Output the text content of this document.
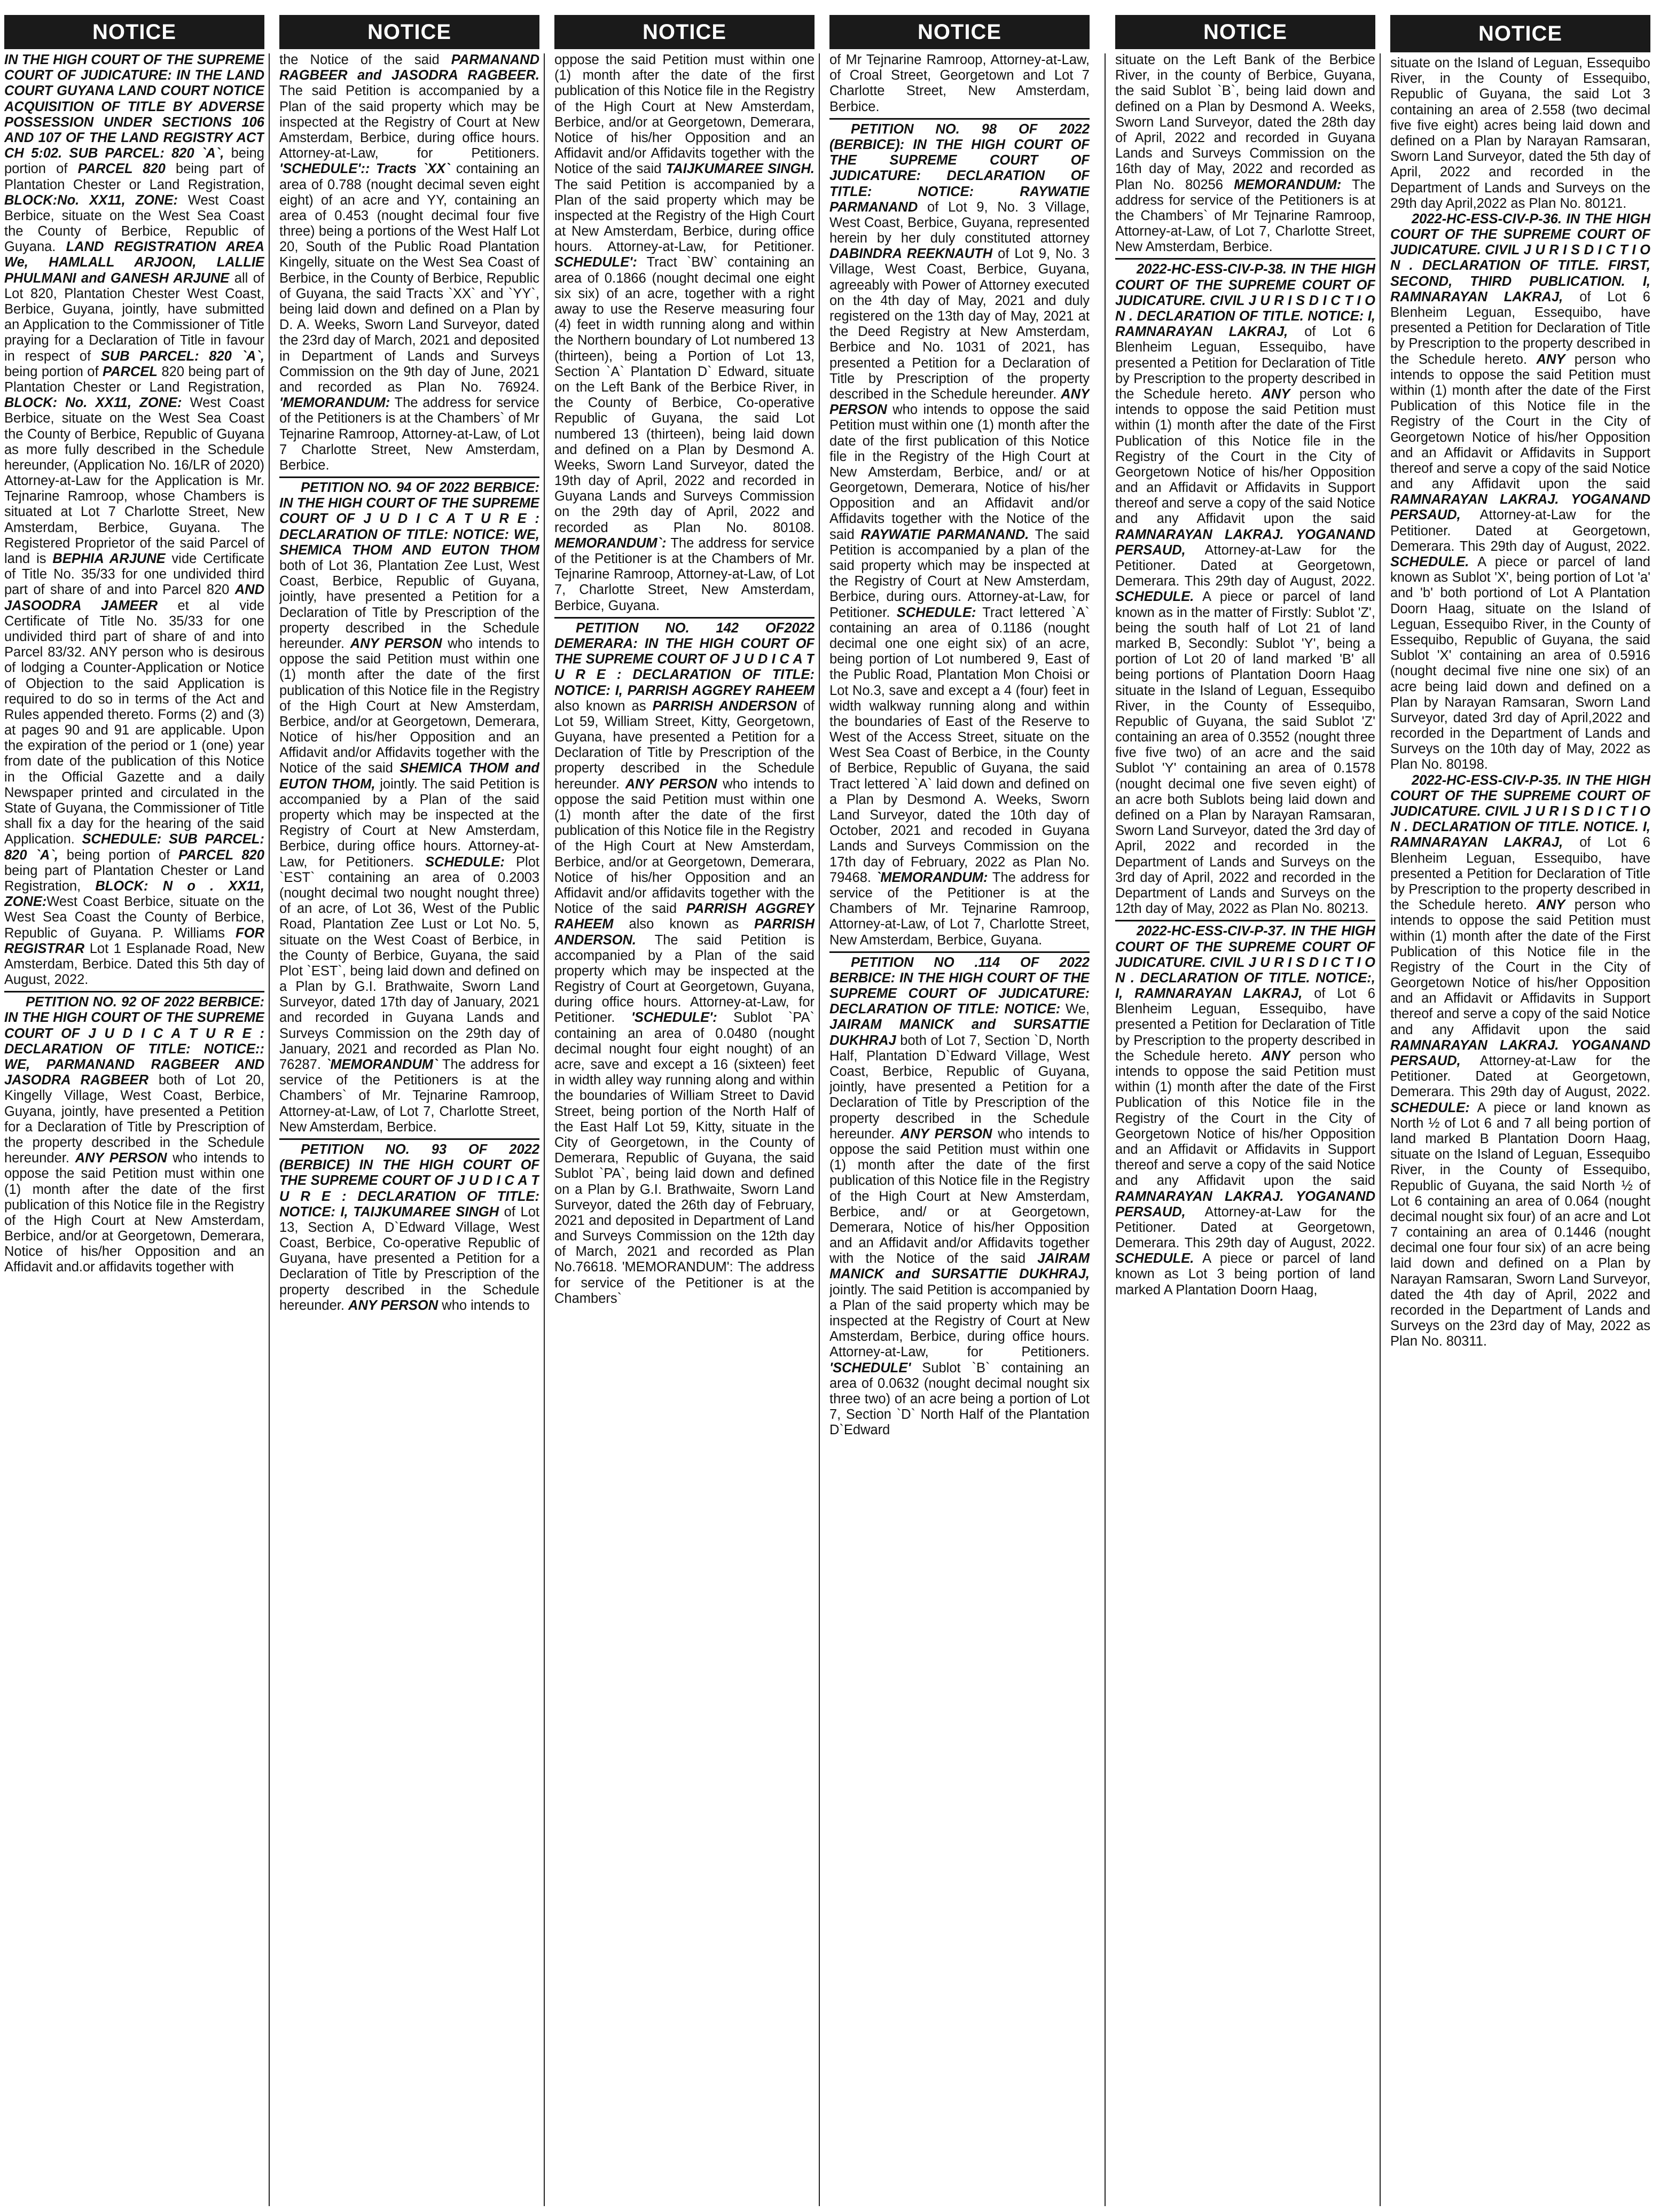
NOTICE

IN THE HIGH COURT OF THE SUPREME COURT OF JUDICATURE: IN THE LAND COURT GUYANA LAND COURT NOTICE ACQUISITION OF TITLE BY ADVERSE POSSESSION UNDER SECTIONS 106 AND 107 OF THE LAND REGISTRY ACT CH 5:02. SUB PARCEL: 820 `A`, being portion of PARCEL 820 being part of Plantation Chester or Land Registration, BLOCK:No. XX11, ZONE: West Coast Berbice, situate on the West Sea Coast the County of Berbice, Republic of Guyana. LAND REGISTRATION AREA We, HAMLALL ARJOON, LALLIE PHULMANI and GANESH ARJUNE all of Lot 820, Plantation Chester West Coast, Berbice, Guyana, jointly, have submitted an Application to the Commissioner of Title praying for a Declaration of Title in favour in respect of SUB PARCEL: 820 `A`, being portion of PARCEL 820 being part of Plantation Chester or Land Registration, BLOCK: No. XX11, ZONE: West Coast Berbice, situate on the West Sea Coast the County of Berbice, Republic of Guyana as more fully described in the Schedule hereunder, (Application No. 16/LR of 2020) Attorney-at-Law for the Application is Mr. Tejnarine Ramroop, whose Chambers is situated at Lot 7 Charlotte Street, New Amsterdam, Berbice, Guyana. The Registered Proprietor of the said Parcel of land is BEPHIA ARJUNE vide Certificate of Title No. 35/33 for one undivided third part of share of and into Parcel 820 AND JASOODRA JAMEER et al vide Certificate of Title No. 35/33 for one undivided third part of share of and into Parcel 83/32. ANY person who is desirous of lodging a Counter-Application or Notice of Objection to the said Application is required to do so in terms of the Act and Rules appended thereto. Forms (2) and (3) at pages 90 and 91 are applicable. Upon the expiration of the period or 1 (one) year from date of the publication of this Notice in the Official Gazette and a daily Newspaper printed and circulated in the State of Guyana, the Commissioner of Title shall fix a day for the hearing of the said Application. SCHEDULE: SUB PARCEL: 820 `A`, being portion of PARCEL 820 being part of Plantation Chester or Land Registration, BLOCK: N o . XX11, ZONE:West Coast Berbice, situate on the West Sea Coast the County of Berbice, Republic of Guyana. P. Williams FOR REGISTRAR Lot 1 Esplanade Road, New Amsterdam, Berbice. Dated this 5th day of August, 2022.

PETITION NO. 92 OF 2022 BERBICE: IN THE HIGH COURT OF THE SUPREME COURT OF J U D I C A T U R E : DECLARATION OF TITLE: NOTICE:: WE, PARMANAND RAGBEER AND JASODRA RAGBEER both of Lot 20, Kingelly Village, West Coast, Berbice, Guyana, jointly, have presented a Petition for a Declaration of Title by Prescription of the property described in the Schedule hereunder. ANY PERSON who intends to oppose the said Petition must within one (1) month after the date of the first publication of this Notice file in the Registry of the High Court at New Amsterdam, Berbice, and/or at Georgetown, Demerara, Notice of his/her Opposition and an Affidavit and.or affidavits together with

NOTICE

the Notice of the said PARMANAND RAGBEER and JASODRA RAGBEER. The said Petition is accompanied by a Plan of the said property which may be inspected at the Registry of Court at New Amsterdam, Berbice, during office hours. Attorney-at-Law, for Petitioners. 'SCHEDULE':: Tracts `XX` containing an area of 0.788 (nought decimal seven eight eight) of an acre and YY, containing an area of 0.453 (nought decimal four five three) being a portions of the West Half Lot 20, South of the Public Road Plantation Kingelly, situate on the West Sea Coast of Berbice, in the County of Berbice, Republic of Guyana, the said Tracts `XX` and `YY`, being laid down and defined on a Plan by D. A. Weeks, Sworn Land Surveyor, dated the 23rd day of March, 2021 and deposited in Department of Lands and Surveys Commission on the 9th day of June, 2021 and recorded as Plan No. 76924. 'MEMORANDUM: The address for service of the Petitioners is at the Chambers` of Mr Tejnarine Ramroop, Attorney-at-Law, of Lot 7 Charlotte Street, New Amsterdam, Berbice.

PETITION NO. 94 OF 2022 BERBICE: IN THE HIGH COURT OF THE SUPREME COURT OF J U D I C A T U R E : DECLARATION OF TITLE: NOTICE: WE, SHEMICA THOM AND EUTON THOM both of Lot 36, Plantation Zee Lust, West Coast, Berbice, Republic of Guyana, jointly, have presented a Petition for a Declaration of Title by Prescription of the property described in the Schedule hereunder. ANY PERSON who intends to oppose the said Petition must within one (1) month after the date of the first publication of this Notice file in the Registry of the High Court at New Amsterdam, Berbice, and/or at Georgetown, Demerara, Notice of his/her Opposition and an Affidavit and/or Affidavits together with the Notice of the said SHEMICA THOM and EUTON THOM, jointly. The said Petition is accompanied by a Plan of the said property which may be inspected at the Registry of Court at New Amsterdam, Berbice, during office hours. Attorney-at-Law, for Petitioners. SCHEDULE: Plot `EST` containing an area of 0.2003 (nought decimal two nought nought three) of an acre, of Lot 36, West of the Public Road, Plantation Zee Lust or Lot No. 5, situate on the West Coast of Berbice, in the County of Berbice, Guyana, the said Plot `EST`, being laid down and defined on a Plan by G.I. Brathwaite, Sworn Land Surveyor, dated 17th day of January, 2021 and recorded in Guyana Lands and Surveys Commission on the 29th day of January, 2021 and recorded as Plan No. 76287. `MEMORANDUM` The address for service of the Petitioners is at the Chambers` of Mr. Tejnarine Ramroop, Attorney-at-Law, of Lot 7, Charlotte Street, New Amsterdam, Berbice.

PETITION NO. 93 OF 2022 (BERBICE) IN THE HIGH COURT OF THE SUPREME COURT OF J U D I C A T U R E : DECLARATION OF TITLE: NOTICE: I, TAIJKUMAREE SINGH of Lot 13, Section A, D`Edward Village, West Coast, Berbice, Co-operative Republic of Guyana, have presented a Petition for a Declaration of Title by Prescription of the property described in the Schedule hereunder. ANY PERSON who intends to

NOTICE

oppose the said Petition must within one (1) month after the date of the first publication of this Notice file in the Registry of the High Court at New Amsterdam, Berbice, and/or at Georgetown, Demerara, Notice of his/her Opposition and an Affidavit and/or Affidavits together with the Notice of the said TAIJKUMAREE SINGH. The said Petition is accompanied by a Plan of the said property which may be inspected at the Registry of the High Court at New Amsterdam, Berbice, during office hours. Attorney-at-Law, for Petitioner. SCHEDULE': Tract `BW` containing an area of 0.1866 (nought decimal one eight six six) of an acre, together with a right away to use the Reserve measuring four (4) feet in width running along and within the Northern boundary of Lot numbered 13 (thirteen), being a Portion of Lot 13, Section `A` Plantation D` Edward, situate on the Left Bank of the Berbice River, in the County of Berbice, Co-operative Republic of Guyana, the said Lot numbered 13 (thirteen), being laid down and defined on a Plan by Desmond A. Weeks, Sworn Land Surveyor, dated the 19th day of April, 2022 and recorded in Guyana Lands and Surveys Commission on the 29th day of April, 2022 and recorded as Plan No. 80108. MEMORANDUM`: The address for service of the Petitioner is at the Chambers of Mr. Tejnarine Ramroop, Attorney-at-Law, of Lot 7, Charlotte Street, New Amsterdam, Berbice, Guyana.

PETITION NO. 142 OF2022 DEMERARA: IN THE HIGH COURT OF THE SUPREME COURT OF J U D I C A T U R E : DECLARATION OF TITLE: NOTICE: I, PARRISH AGGREY RAHEEM also known as PARRISH ANDERSON of Lot 59, William Street, Kitty, Georgetown, Guyana, have presented a Petition for a Declaration of Title by Prescription of the property described in the Schedule hereunder. ANY PERSON who intends to oppose the said Petition must within one (1) month after the date of the first publication of this Notice file in the Registry of the High Court at New Amsterdam, Berbice, and/or at Georgetown, Demerara, Notice of his/her Opposition and an Affidavit and/or affidavits together with the Notice of the said PARRISH AGGREY RAHEEM also known as PARRISH ANDERSON. The said Petition is accompanied by a Plan of the said property which may be inspected at the Registry of Court at Georgetown, Guyana, during office hours. Attorney-at-Law, for Petitioner. 'SCHEDULE': Sublot `PA` containing an area of 0.0480 (nought decimal nought four eight nought) of an acre, save and except a 16 (sixteen) feet in width alley way running along and within the boundaries of William Street to David Street, being portion of the North Half of the East Half Lot 59, Kitty, situate in the City of Georgetown, in the County of Demerara, Republic of Guyana, the said Sublot `PA`, being laid down and defined on a Plan by G.I. Brathwaite, Sworn Land Surveyor, dated the 26th day of February, 2021 and deposited in Department of Land and Surveys Commission on the 12th day of March, 2021 and recorded as Plan No.76618. 'MEMORANDUM': The address for service of the Petitioner is at the Chambers`

NOTICE

of Mr Tejnarine Ramroop, Attorney-at-Law, of Croal Street, Georgetown and Lot 7 Charlotte Street, New Amsterdam, Berbice.

PETITION NO. 98 OF 2022 (BERBICE): IN THE HIGH COURT OF THE SUPREME COURT OF JUDICATURE: DECLARATION OF TITLE: NOTICE: RAYWATIE PARMANAND of Lot 9, No. 3 Village, West Coast, Berbice, Guyana, represented herein by her duly constituted attorney DABINDRA REEKNAUTH of Lot 9, No. 3 Village, West Coast, Berbice, Guyana, agreeably with Power of Attorney executed on the 4th day of May, 2021 and duly registered on the 13th day of May, 2021 at the Deed Registry at New Amsterdam, Berbice and No. 1031 of 2021, has presented a Petition for a Declaration of Title by Prescription of the property described in the Schedule hereunder. ANY PERSON who intends to oppose the said Petition must within one (1) month after the date of the first publication of this Notice file in the Registry of the High Court at New Amsterdam, Berbice, and/ or at Georgetown, Demerara, Notice of his/her Opposition and an Affidavit and/or Affidavits together with the Notice of the said RAYWATIE PARMANAND. The said Petition is accompanied by a plan of the said property which may be inspected at the Registry of Court at New Amsterdam, Berbice, during ours. Attorney-at-Law, for Petitioner. SCHEDULE: Tract lettered `A` containing an area of 0.1186 (nought decimal one one eight six) of an acre, being portion of Lot numbered 9, East of the Public Road, Plantation Mon Choisi or Lot No.3, save and except a 4 (four) feet in width walkway running along and within the boundaries of East of the Reserve to West of the Access Street, situate on the West Sea Coast of Berbice, in the County of Berbice, Republic of Guyana, the said Tract lettered `A` laid down and defined on a Plan by Desmond A. Weeks, Sworn Land Surveyor, dated the 10th day of October, 2021 and recoded in Guyana Lands and Surveys Commission on the 17th day of February, 2022 as Plan No. 79468. `MEMORANDUM: The address for service of the Petitioner is at the Chambers of Mr. Tejnarine Ramroop, Attorney-at-Law, of Lot 7, Charlotte Street, New Amsterdam, Berbice, Guyana.

PETITION NO .114 OF 2022 BERBICE: IN THE HIGH COURT OF THE SUPREME COURT OF JUDICATURE: DECLARATION OF TITLE: NOTICE: We, JAIRAM MANICK and SURSATTIE DUKHRAJ both of Lot 7, Section `D, North Half, Plantation D`Edward Village, West Coast, Berbice, Republic of Guyana, jointly, have presented a Petition for a Declaration of Title by Prescription of the property described in the Schedule hereunder. ANY PERSON who intends to oppose the said Petition must within one (1) month after the date of the first publication of this Notice file in the Registry of the High Court at New Amsterdam, Berbice, and/ or at Georgetown, Demerara, Notice of his/her Opposition and an Affidavit and/or Affidavits together with the Notice of the said JAIRAM MANICK and SURSATTIE DUKHRAJ, jointly. The said Petition is accompanied by a Plan of the said property which may be inspected at the Registry of Court at New Amsterdam, Berbice, during office hours. Attorney-at-Law, for Petitioners. 'SCHEDULE' Sublot `B` containing an area of 0.0632 (nought decimal nought six three two) of an acre being a portion of Lot 7, Section `D` North Half of the Plantation D`Edward

NOTICE

situate on the Left Bank of the Berbice River, in the county of Berbice, Guyana, the said Sublot `B`, being laid down and defined on a Plan by Desmond A. Weeks, Sworn Land Surveyor, dated the 28th day of April, 2022 and recorded in Guyana Lands and Surveys Commission on the 16th day of May, 2022 and recorded as Plan No. 80256 MEMORANDUM: The address for service of the Petitioners is at the Chambers` of Mr Tejnarine Ramroop, Attorney-at-Law, of Lot 7, Charlotte Street, New Amsterdam, Berbice.

2022-HC-ESS-CIV-P-38. IN THE HIGH COURT OF THE SUPREME COURT OF JUDICATURE. CIVIL J U R I S D I C T I O N . DECLARATION OF TITLE. NOTICE: I, RAMNARAYAN LAKRAJ, of Lot 6 Blenheim Leguan, Essequibo, have presented a Petition for Declaration of Title by Prescription to the property described in the Schedule hereto. ANY person who intends to oppose the said Petition must within (1) month after the date of the First Publication of this Notice file in the Registry of the Court in the City of Georgetown Notice of his/her Opposition and an Affidavit or Affidavits in Support thereof and serve a copy of the said Notice and any Affidavit upon the said RAMNARAYAN LAKRAJ. YOGANAND PERSAUD, Attorney-at-Law for the Petitioner. Dated at Georgetown, Demerara. This 29th day of August, 2022. SCHEDULE. A piece or parcel of land known as in the matter of Firstly: Sublot 'Z', being the south half of Lot 21 of land marked B, Secondly: Sublot 'Y', being a portion of Lot 20 of land marked 'B' all being portions of Plantation Doorn Haag situate in the Island of Leguan, Essequibo River, in the County of Essequibo, Republic of Guyana, the said Sublot 'Z' containing an area of 0.3552 (nought three five five two) of an acre and the said Sublot 'Y' containing an area of 0.1578 (nought decimal one five seven eight) of an acre both Sublots being laid down and defined on a Plan by Narayan Ramsaran, Sworn Land Surveyor, dated the 3rd day of April, 2022 and recorded in the Department of Lands and Surveys on the 3rd day of April, 2022 and recorded in the Department of Lands and Surveys on the 12th day of May, 2022 as Plan No. 80213.

2022-HC-ESS-CIV-P-37. IN THE HIGH COURT OF THE SUPREME COURT OF JUDICATURE. CIVIL J U R I S D I C T I O N . DECLARATION OF TITLE. NOTICE:, I, RAMNARAYAN LAKRAJ, of Lot 6 Blenheim Leguan, Essequibo, have presented a Petition for Declaration of Title by Prescription to the property described in the Schedule hereto. ANY person who intends to oppose the said Petition must within (1) month after the date of the First Publication of this Notice file in the Registry of the Court in the City of Georgetown Notice of his/her Opposition and an Affidavit or Affidavits in Support thereof and serve a copy of the said Notice and any Affidavit upon the said RAMNARAYAN LAKRAJ. YOGANAND PERSAUD, Attorney-at-Law for the Petitioner. Dated at Georgetown, Demerara. This 29th day of August, 2022. SCHEDULE. A piece or parcel of land known as Lot 3 being portion of land marked A Plantation Doorn Haag,

NOTICE

situate on the Island of Leguan, Essequibo River, in the County of Essequibo, Republic of Guyana, the said Lot 3 containing an area of 2.558 (two decimal five five eight) acres being laid down and defined on a Plan by Narayan Ramsaran, Sworn Land Surveyor, dated the 5th day of April, 2022 and recorded in the Department of Lands and Surveys on the 29th day April,2022 as Plan No. 80121.

2022-HC-ESS-CIV-P-36. IN THE HIGH COURT OF THE SUPREME COURT OF JUDICATURE. CIVIL J U R I S D I C T I O N . DECLARATION OF TITLE. FIRST, SECOND, THIRD PUBLICATION. I, RAMNARAYAN LAKRAJ, of Lot 6 Blenheim Leguan, Essequibo, have presented a Petition for Declaration of Title by Prescription to the property described in the Schedule hereto. ANY person who intends to oppose the said Petition must within (1) month after the date of the First Publication of this Notice file in the Registry of the Court in the City of Georgetown Notice of his/her Opposition and an Affidavit or Affidavits in Support thereof and serve a copy of the said Notice and any Affidavit upon the said RAMNARAYAN LAKRAJ. YOGANAND PERSAUD, Attorney-at-Law for the Petitioner. Dated at Georgetown, Demerara. This 29th day of August, 2022. SCHEDULE. A piece or parcel of land known as Sublot 'X', being portion of Lot 'a' and 'b' both portiond of Lot A Plantation Doorn Haag, situate on the Island of Leguan, Essequibo River, in the County of Essequibo, Republic of Guyana, the said Sublot 'X' containing an area of 0.5916 (nought decimal five nine one six) of an acre being laid down and defined on a Plan by Narayan Ramsaran, Sworn Land Surveyor, dated 3rd day of April,2022 and recorded in the Department of Lands and Surveys on the 10th day of May, 2022 as Plan No. 80198.

2022-HC-ESS-CIV-P-35. IN THE HIGH COURT OF THE SUPREME COURT OF JUDICATURE. CIVIL J U R I S D I C T I O N . DECLARATION OF TITLE. NOTICE. I, RAMNARAYAN LAKRAJ, of Lot 6 Blenheim Leguan, Essequibo, have presented a Petition for Declaration of Title by Prescription to the property described in the Schedule hereto. ANY person who intends to oppose the said Petition must within (1) month after the date of the First Publication of this Notice file in the Registry of the Court in the City of Georgetown Notice of his/her Opposition and an Affidavit or Affidavits in Support thereof and serve a copy of the said Notice and any Affidavit upon the said RAMNARAYAN LAKRAJ. YOGANAND PERSAUD, Attorney-at-Law for the Petitioner. Dated at Georgetown, Demerara. This 29th day of August, 2022. SCHEDULE: A piece or land known as North ½ of Lot 6 and 7 all being portion of land marked B Plantation Doorn Haag, situate on the Island of Leguan, Essequibo River, in the County of Essequibo, Republic of Guyana, the said North ½ of Lot 6 containing an area of 0.064 (nought decimal nought six four) of an acre and Lot 7 containing an area of 0.1446 (nought decimal one four four six) of an acre being laid down and defined on a Plan by Narayan Ramsaran, Sworn Land Surveyor, dated the 4th day of April, 2022 and recorded in the Department of Lands and Surveys on the 23rd day of May, 2022 as Plan No. 80311.
